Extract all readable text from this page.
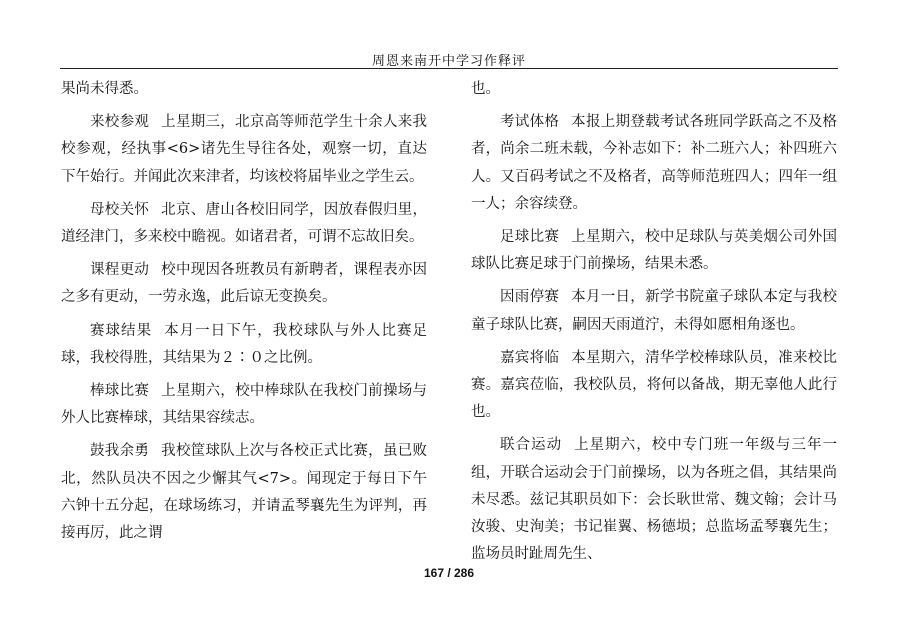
周恩来南开中学习作释评

果尚未得悉。

来校参观 上星期三，北京高等师范学生十余人来我校参观，经执事<6>诸先生导往各处，观察一切，直达下午始行。并闻此次来津者，均该校将届毕业之学生云。

母校关怀 北京、唐山各校旧同学，因放春假归里，道经津门，多来校中瞻视。如诸君者，可谓不忘故旧矣。

课程更动 校中现因各班教员有新聘者，课程表亦因之多有更动，一劳永逸，此后谅无变换矣。

赛球结果 本月一日下午，我校球队与外人比赛足球，我校得胜，其结果为２∶０之比例。

棒球比赛 上星期六，校中棒球队在我校门前操场与外人比赛棒球，其结果容续志。

鼓我余勇 我校筐球队上次与各校正式比赛，虽已败北，然队员决不因之少懈其气<7>。闻现定于每日下午六钟十五分起，在球场练习，并请孟琴襄先生为评判，再接再厉，此之谓

也。

考试体格 本报上期登载考试各班同学跃高之不及格者，尚余二班未载，今补志如下：补二班六人；补四班六人。又百码考试之不及格者，高等师范班四人；四年一组一人；余容续登。

足球比赛 上星期六，校中足球队与英美烟公司外国球队比赛足球于门前操场，结果未悉。

因雨停赛 本月一日，新学书院童子球队本定与我校童子球队比赛，嗣因天雨道泞，未得如愿相角逐也。

嘉宾将临 本星期六，清华学校棒球队员，准来校比赛。嘉宾莅临，我校队员，将何以备战，期无辜他人此行也。

联合运动 上星期六，校中专门班一年级与三年一组，开联合运动会于门前操场，以为各班之倡，其结果尚未尽悉。兹记其职员如下：会长耿世常、魏文翰；会计马汝骏、史洵美；书记崔翼、杨德埙；总监场孟琴襄先生；监场员时趾周先生、

167 / 286
